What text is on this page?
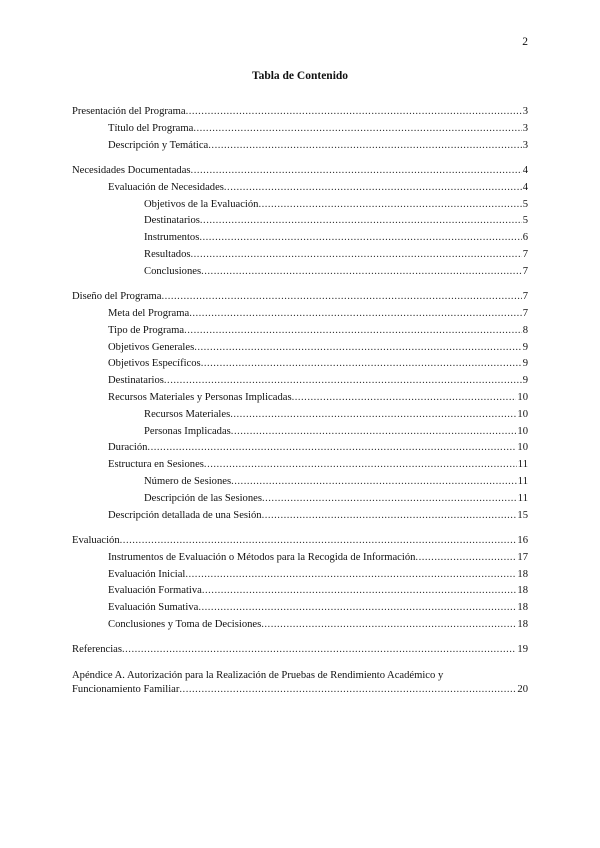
2
Tabla de Contenido
Presentación del Programa .....	3
Título del Programa .....	3
Descripción y Temática .....	3
Necesidades Documentadas .....	4
Evaluación de Necesidades .....	4
Objetivos de la Evaluación .....	5
Destinatarios .....	5
Instrumentos .....	6
Resultados .....	7
Conclusiones .....	7
Diseño del Programa .....	7
Meta del Programa .....	7
Tipo de Programa .....	8
Objetivos Generales .....	9
Objetivos Específicos .....	9
Destinatarios .....	9
Recursos Materiales y Personas Implicadas .....	10
Recursos Materiales .....	10
Personas Implicadas .....	10
Duración .....	10
Estructura en Sesiones .....	11
Número de Sesiones .....	11
Descripción de las Sesiones .....	11
Descripción detallada de una Sesión .....	15
Evaluación .....	16
Instrumentos de Evaluación o Métodos para la Recogida de Información .....	17
Evaluación Inicial .....	18
Evaluación Formativa .....	18
Evaluación Sumativa .....	18
Conclusiones y Toma de Decisiones .....	18
Referencias .....	19
Apéndice A. Autorización para la Realización de Pruebas de Rendimiento Académico y
Funcionamiento Familiar .....	20
